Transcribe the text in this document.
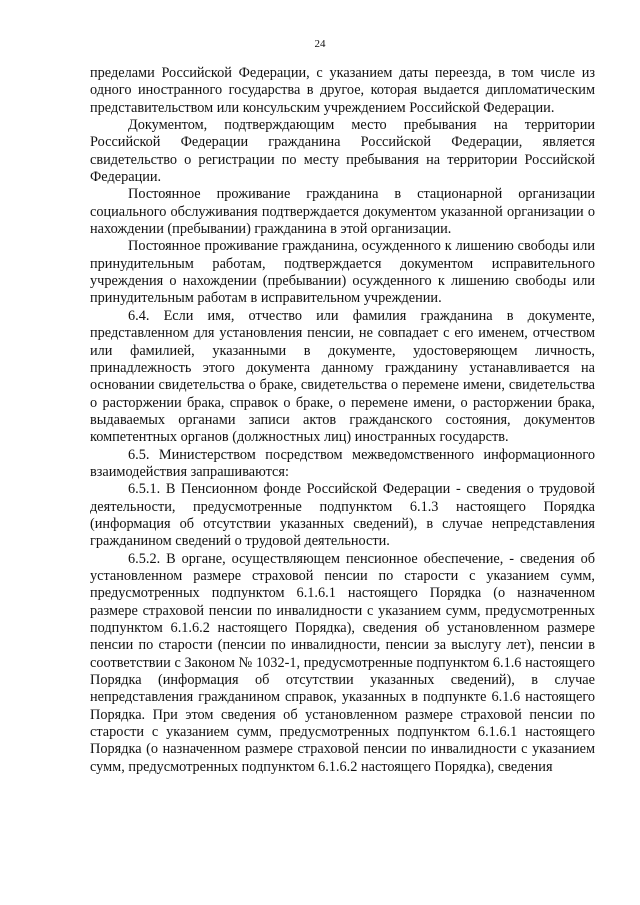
24

пределами Российской Федерации, с указанием даты переезда, в том числе из одного иностранного государства в другое, которая выдается дипломатическим представительством или консульским учреждением Российской Федерации.

Документом, подтверждающим место пребывания на территории Российской Федерации гражданина Российской Федерации, является свидетельство о регистрации по месту пребывания на территории Российской Федерации.

Постоянное проживание гражданина в стационарной организации социального обслуживания подтверждается документом указанной организации о нахождении (пребывании) гражданина в этой организации.

Постоянное проживание гражданина, осужденного к лишению свободы или принудительным работам, подтверждается документом исправительного учреждения о нахождении (пребывании) осужденного к лишению свободы или принудительным работам в исправительном учреждении.

6.4. Если имя, отчество или фамилия гражданина в документе, представленном для установления пенсии, не совпадает с его именем, отчеством или фамилией, указанными в документе, удостоверяющем личность, принадлежность этого документа данному гражданину устанавливается на основании свидетельства о браке, свидетельства о перемене имени, свидетельства о расторжении брака, справок о браке, о перемене имени, о расторжении брака, выдаваемых органами записи актов гражданского состояния, документов компетентных органов (должностных лиц) иностранных государств.

6.5. Министерством посредством межведомственного информационного взаимодействия запрашиваются:

6.5.1. В Пенсионном фонде Российской Федерации - сведения о трудовой деятельности, предусмотренные подпунктом 6.1.3 настоящего Порядка (информация об отсутствии указанных сведений), в случае непредставления гражданином сведений о трудовой деятельности.

6.5.2. В органе, осуществляющем пенсионное обеспечение, - сведения об установленном размере страховой пенсии по старости с указанием сумм, предусмотренных подпунктом 6.1.6.1 настоящего Порядка (о назначенном размере страховой пенсии по инвалидности с указанием сумм, предусмотренных подпунктом 6.1.6.2 настоящего Порядка), сведения об установленном размере пенсии по старости (пенсии по инвалидности, пенсии за выслугу лет), пенсии в соответствии с Законом № 1032-1, предусмотренные подпунктом 6.1.6 настоящего Порядка (информация об отсутствии указанных сведений), в случае непредставления гражданином справок, указанных в подпункте 6.1.6 настоящего Порядка. При этом сведения об установленном размере страховой пенсии по старости с указанием сумм, предусмотренных подпунктом 6.1.6.1 настоящего Порядка (о назначенном размере страховой пенсии по инвалидности с указанием сумм, предусмотренных подпунктом 6.1.6.2 настоящего Порядка), сведения
